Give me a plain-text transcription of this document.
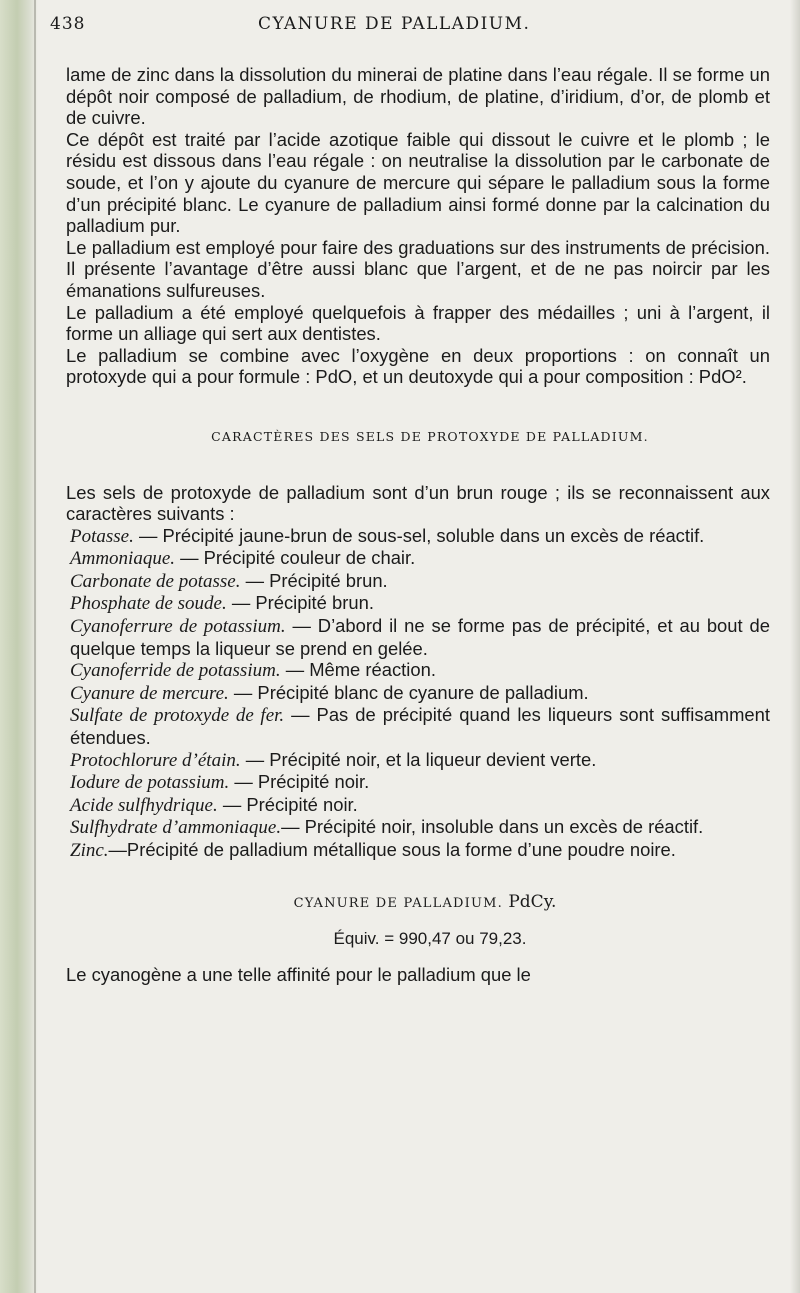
438	CYANURE DE PALLADIUM.

lame de zinc dans la dissolution du minerai de platine dans l’eau régale. Il se forme un dépôt noir composé de palladium, de rhodium, de platine, d’iridium, d’or, de plomb et de cuivre.

Ce dépôt est traité par l’acide azotique faible qui dissout le cuivre et le plomb ; le résidu est dissous dans l’eau régale : on neutralise la dissolution par le carbonate de soude, et l’on y ajoute du cyanure de mercure qui sépare le palladium sous la forme d’un précipité blanc. Le cyanure de palladium ainsi formé donne par la calcination du palladium pur.

Le palladium est employé pour faire des graduations sur des instruments de précision. Il présente l’avantage d’être aussi blanc que l’argent, et de ne pas noircir par les émanations sulfureuses.

Le palladium a été employé quelquefois à frapper des médailles ; uni à l’argent, il forme un alliage qui sert aux dentistes.

Le palladium se combine avec l’oxygène en deux proportions : on connaît un protoxyde qui a pour formule : PdO, et un deutoxyde qui a pour composition : PdO².

CARACTÈRES DES SELS DE PROTOXYDE DE PALLADIUM.

Les sels de protoxyde de palladium sont d’un brun rouge ; ils se reconnaissent aux caractères suivants :

Potasse. — Précipité jaune-brun de sous-sel, soluble dans un excès de réactif.

Ammoniaque. — Précipité couleur de chair.

Carbonate de potasse. — Précipité brun.

Phosphate de soude. — Précipité brun.

Cyanoferrure de potassium. — D’abord il ne se forme pas de précipité, et au bout de quelque temps la liqueur se prend en gelée.

Cyanoferride de potassium. — Même réaction.

Cyanure de mercure. — Précipité blanc de cyanure de palladium.

Sulfate de protoxyde de fer. — Pas de précipité quand les liqueurs sont suffisamment étendues.

Protochlorure d’étain. — Précipité noir, et la liqueur devient verte.

Iodure de potassium. — Précipité noir.

Acide sulfhydrique. — Précipité noir.

Sulfhydrate d’ammoniaque.— Précipité noir, insoluble dans un excès de réactif.

Zinc.—Précipité de palladium métallique sous la forme d’une poudre noire.

CYANURE DE PALLADIUM. PdCy.
Équiv. = 990,47 ou 79,23.

Le cyanogène a une telle affinité pour le palladium que le
